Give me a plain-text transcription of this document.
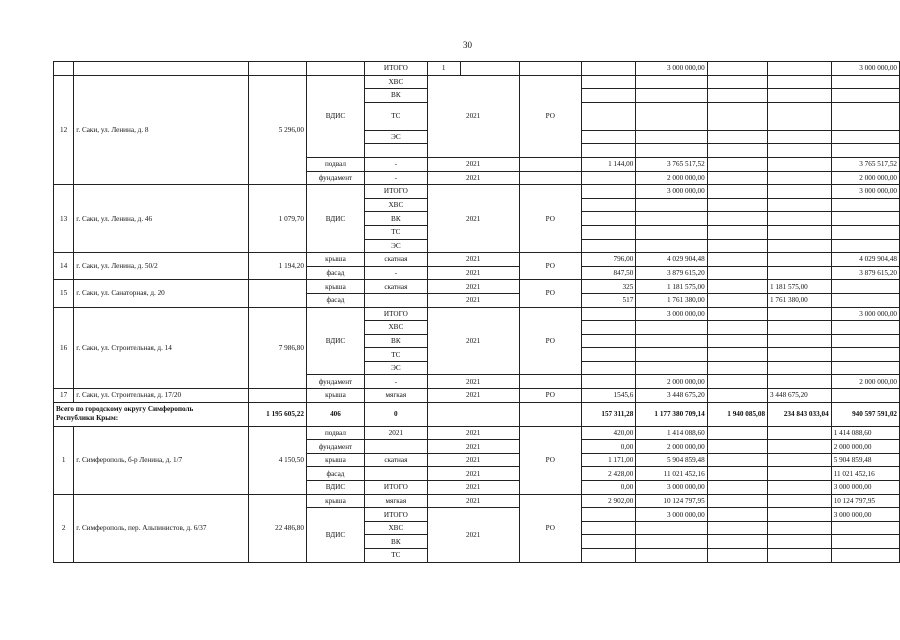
30
				ИТОГО	1				3 000 000,00			3 000 000,00
12	г. Саки, ул. Ленина, д. 8	5 296,00	ВДИС	ХВС	2021		РО					
				ВК								
				ТС								
				ЭС								

			подвал	-	2021			1 144,00	3 765 517,52			3 765 517,52
			фундамент	-	2021				2 000 000,00			2 000 000,00
13	г. Саки, ул. Ленина, д. 46	1 079,70	ВДИС	ИТОГО	2021		РО		3 000 000,00			3 000 000,00
				ХВС								
				ВК								
				ТС								
				ЭС								
14	г. Саки, ул. Ленина, д. 50/2	1 194,20	крыша	скатная	2021		РО	796,00	4 029 904,48			4 029 904,48
			фасад	-	2021			847,50	3 879 615,20			3 879 615,20
15	г. Саки, ул. Санаторная, д. 20		крыша	скатная	2021		РО	325	1 181 575,00		1 181 575,00	
			фасад		2021			517	1 761 380,00		1 761 380,00	
16	г. Саки, ул. Строительная, д. 14	7 986,80	ВДИС	ИТОГО	2021		РО		3 000 000,00			3 000 000,00
				ХВС								
				ВК								
				ТС								
				ЭС								
			фундамент	-	2021				2 000 000,00			2 000 000,00
17	г. Саки, ул. Строительная, д. 17/20		крыша	мягкая	2021		РО	1545,6	3 448 675,20		3 448 675,20	

Всего по городскому округу Симферополь
Республики Крым:		1 195 605,22	406	0				157 311,28	1 177 380 709,14	1 940 085,08	234 843 033,04	940 597 591,02
1	г. Симферополь, б-р Ленина, д. 1/7	4 150,50	подвал	2021	2021		РО	420,00	1 414 088,60			1 414 088,60
			фундамент		2021			0,00	2 000 000,00			2 000 000,00
			крыша	скатная	2021			1 171,00	5 904 859,48			5 904 859,48
			фасад		2021			2 428,00	11 021 452,16			11 021 452,16
			ВДИС	ИТОГО	2021			0,00	3 000 000,00			3 000 000,00
2	г. Симферополь, пер. Альпинистов, д. 6/37	22 486,80	крыша	мягкая	2021		РО	2 902,00	10 124 797,95			10 124 797,95
			ВДИС	ИТОГО	2021				3 000 000,00			3 000 000,00
				ХВС								
				ВК								
				ТС								
